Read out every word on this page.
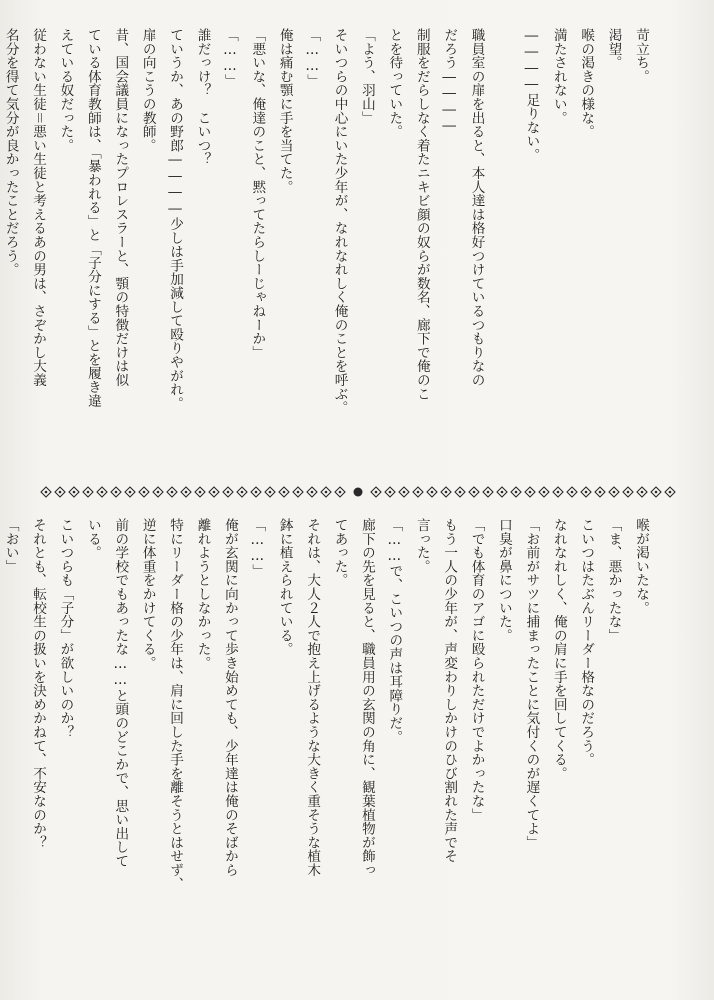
苛立ち。
渇望。
喉の渇きの様な。
満たされない。
――――足りない。

職員室の扉を出ると、本人達は格好つけているつもりなの
だろう――――
制服をだらしなく着たニキビ顔の奴らが数名、廊下で俺のこ
とを待っていた。
「よう、羽山」
そいつらの中心にいた少年が、なれなれしく俺のことを呼ぶ。
「……」
俺は痛む顎に手を当てた。
「悪いな、俺達のこと、黙ってたらしーじゃねーか」
「……」
誰だっけ？　こいつ？
ていうか、あの野郎――――少しは手加減して殴りやがれ。
扉の向こうの教師。
昔、国会議員になったプロレスラーと、顎の特徴だけは似
ている体育教師は、「暴われる」と「子分にする」とを履き違
えている奴だった。
従わない生徒＝悪い生徒と考えるあの男は、さぞかし大義
名分を得て気分が良かったことだろう。
喉が渇いたな。
「ま、悪かったな」
こいつはたぶんリーダー格なのだろう。
なれなれしく、俺の肩に手を回してくる。
「お前がサツに捕まったことに気付くのが遅くてよ」
口臭が鼻についた。
「でも体育のアゴに殴られただけでよかったな」
もう一人の少年が、声変わりしかけのひび割れた声でそ
言った。
「……で、こいつの声は耳障りだ。
廊下の先を見ると、職員用の玄関の角に、観葉植物が飾っ
てあった。
それは、大人２人で抱え上げるような大きく重そうな植木
鉢に植えられている。
「……」
俺が玄関に向かって歩き始めても、少年達は俺のそばから
離れようとしなかった。
特にリーダー格の少年は、肩に回した手を離そうとはせず、
逆に体重をかけてくる。
前の学校でもあったな……と頭のどこかで、思い出して
いる。
こいつらも「子分」が欲しいのか？
それとも、転校生の扱いを決めかねて、不安なのか？
「おい」
